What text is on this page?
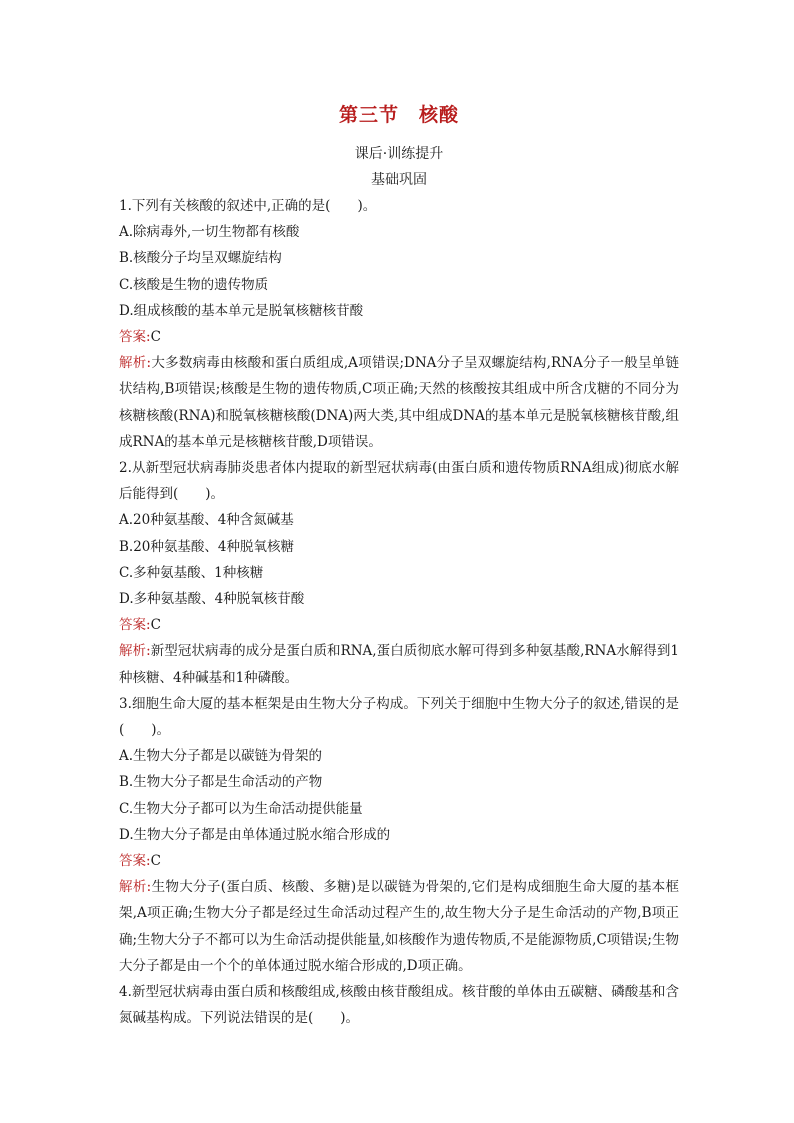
第三节　核酸
课后·训练提升
基础巩固
1.下列有关核酸的叙述中,正确的是(　　)。
A.除病毒外,一切生物都有核酸
B.核酸分子均呈双螺旋结构
C.核酸是生物的遗传物质
D.组成核酸的基本单元是脱氧核糖核苷酸
答案:C
解析:大多数病毒由核酸和蛋白质组成,A项错误;DNA分子呈双螺旋结构,RNA分子一般呈单链状结构,B项错误;核酸是生物的遗传物质,C项正确;天然的核酸按其组成中所含戊糖的不同分为核糖核酸(RNA)和脱氧核糖核酸(DNA)两大类,其中组成DNA的基本单元是脱氧核糖核苷酸,组成RNA的基本单元是核糖核苷酸,D项错误。
2.从新型冠状病毒肺炎患者体内提取的新型冠状病毒(由蛋白质和遗传物质RNA组成)彻底水解后能得到(　　)。
A.20种氨基酸、4种含氮碱基
B.20种氨基酸、4种脱氧核糖
C.多种氨基酸、1种核糖
D.多种氨基酸、4种脱氧核苷酸
答案:C
解析:新型冠状病毒的成分是蛋白质和RNA,蛋白质彻底水解可得到多种氨基酸,RNA水解得到1种核糖、4种碱基和1种磷酸。
3.细胞生命大厦的基本框架是由生物大分子构成。下列关于细胞中生物大分子的叙述,错误的是(　　)。
A.生物大分子都是以碳链为骨架的
B.生物大分子都是生命活动的产物
C.生物大分子都可以为生命活动提供能量
D.生物大分子都是由单体通过脱水缩合形成的
答案:C
解析:生物大分子(蛋白质、核酸、多糖)是以碳链为骨架的,它们是构成细胞生命大厦的基本框架,A项正确;生物大分子都是经过生命活动过程产生的,故生物大分子是生命活动的产物,B项正确;生物大分子不都可以为生命活动提供能量,如核酸作为遗传物质,不是能源物质,C项错误;生物大分子都是由一个个的单体通过脱水缩合形成的,D项正确。
4.新型冠状病毒由蛋白质和核酸组成,核酸由核苷酸组成。核苷酸的单体由五碳糖、磷酸基和含氮碱基构成。下列说法错误的是(　　)。
